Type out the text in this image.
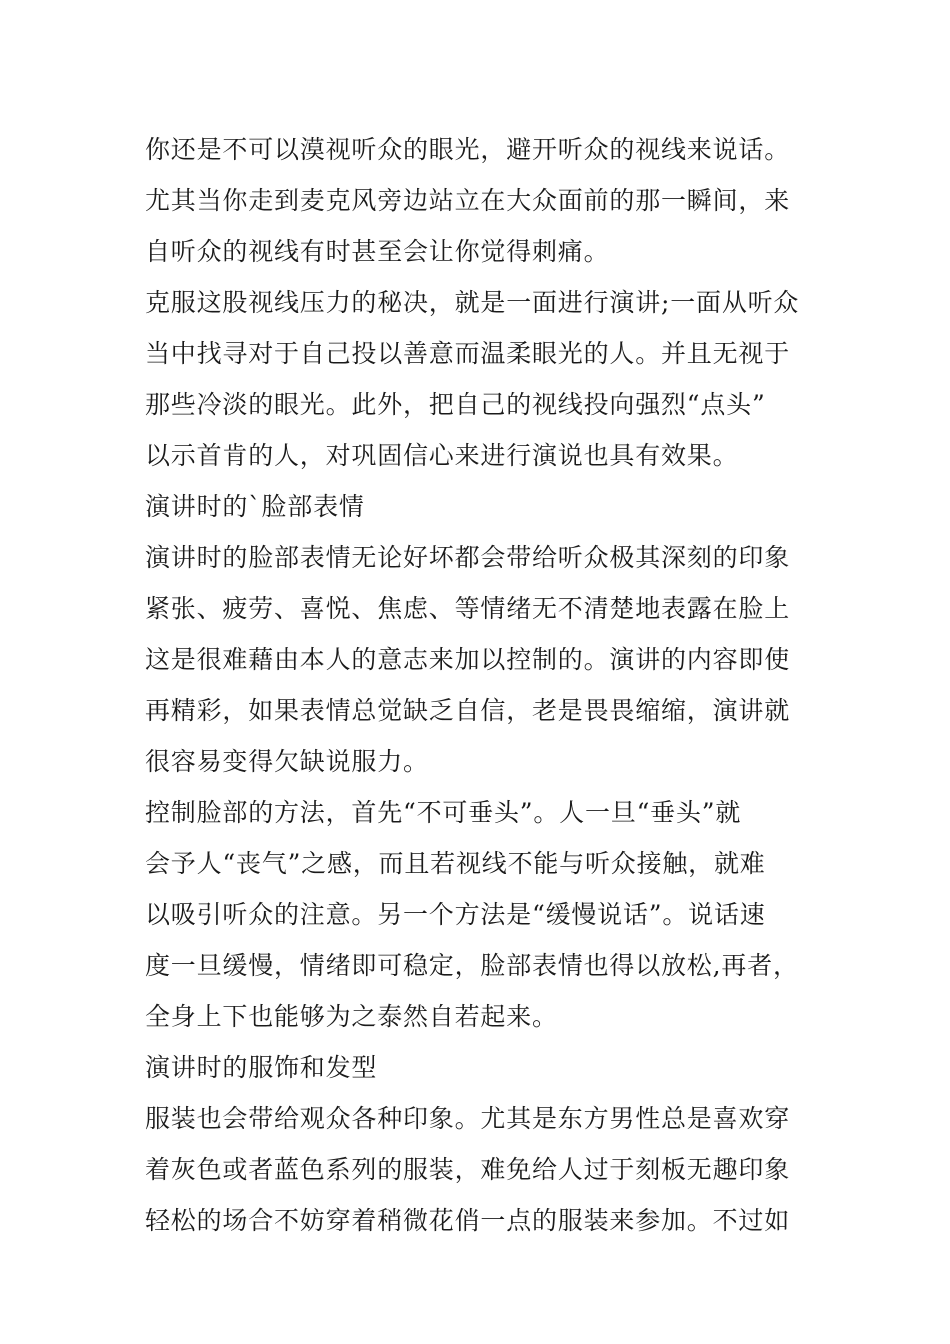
你还是不可以漠视听众的眼光，避开听众的视线来说话。
尤其当你走到麦克风旁边站立在大众面前的那一瞬间，来
自听众的视线有时甚至会让你觉得刺痛。
克服这股视线压力的秘决，就是一面进行演讲;一面从听众
当中找寻对于自己投以善意而温柔眼光的人。并且无视于
那些冷淡的眼光。此外，把自己的视线投向强烈“点头”
以示首肯的人，对巩固信心来进行演说也具有效果。
演讲时的`脸部表情
演讲时的脸部表情无论好坏都会带给听众极其深刻的印象
紧张、疲劳、喜悦、焦虑、等情绪无不清楚地表露在脸上
这是很难藉由本人的意志来加以控制的。演讲的内容即使
再精彩，如果表情总觉缺乏自信，老是畏畏缩缩，演讲就
很容易变得欠缺说服力。
控制脸部的方法，首先“不可垂头”。人一旦“垂头”就
会予人“丧气”之感，而且若视线不能与听众接触，就难
以吸引听众的注意。另一个方法是“缓慢说话”。说话速
度一旦缓慢，情绪即可稳定，脸部表情也得以放松,再者，
全身上下也能够为之泰然自若起来。
演讲时的服饰和发型
服装也会带给观众各种印象。尤其是东方男性总是喜欢穿
着灰色或者蓝色系列的服装，难免给人过于刻板无趣印象
轻松的场合不妨穿着稍微花俏一点的服装来参加。不过如
